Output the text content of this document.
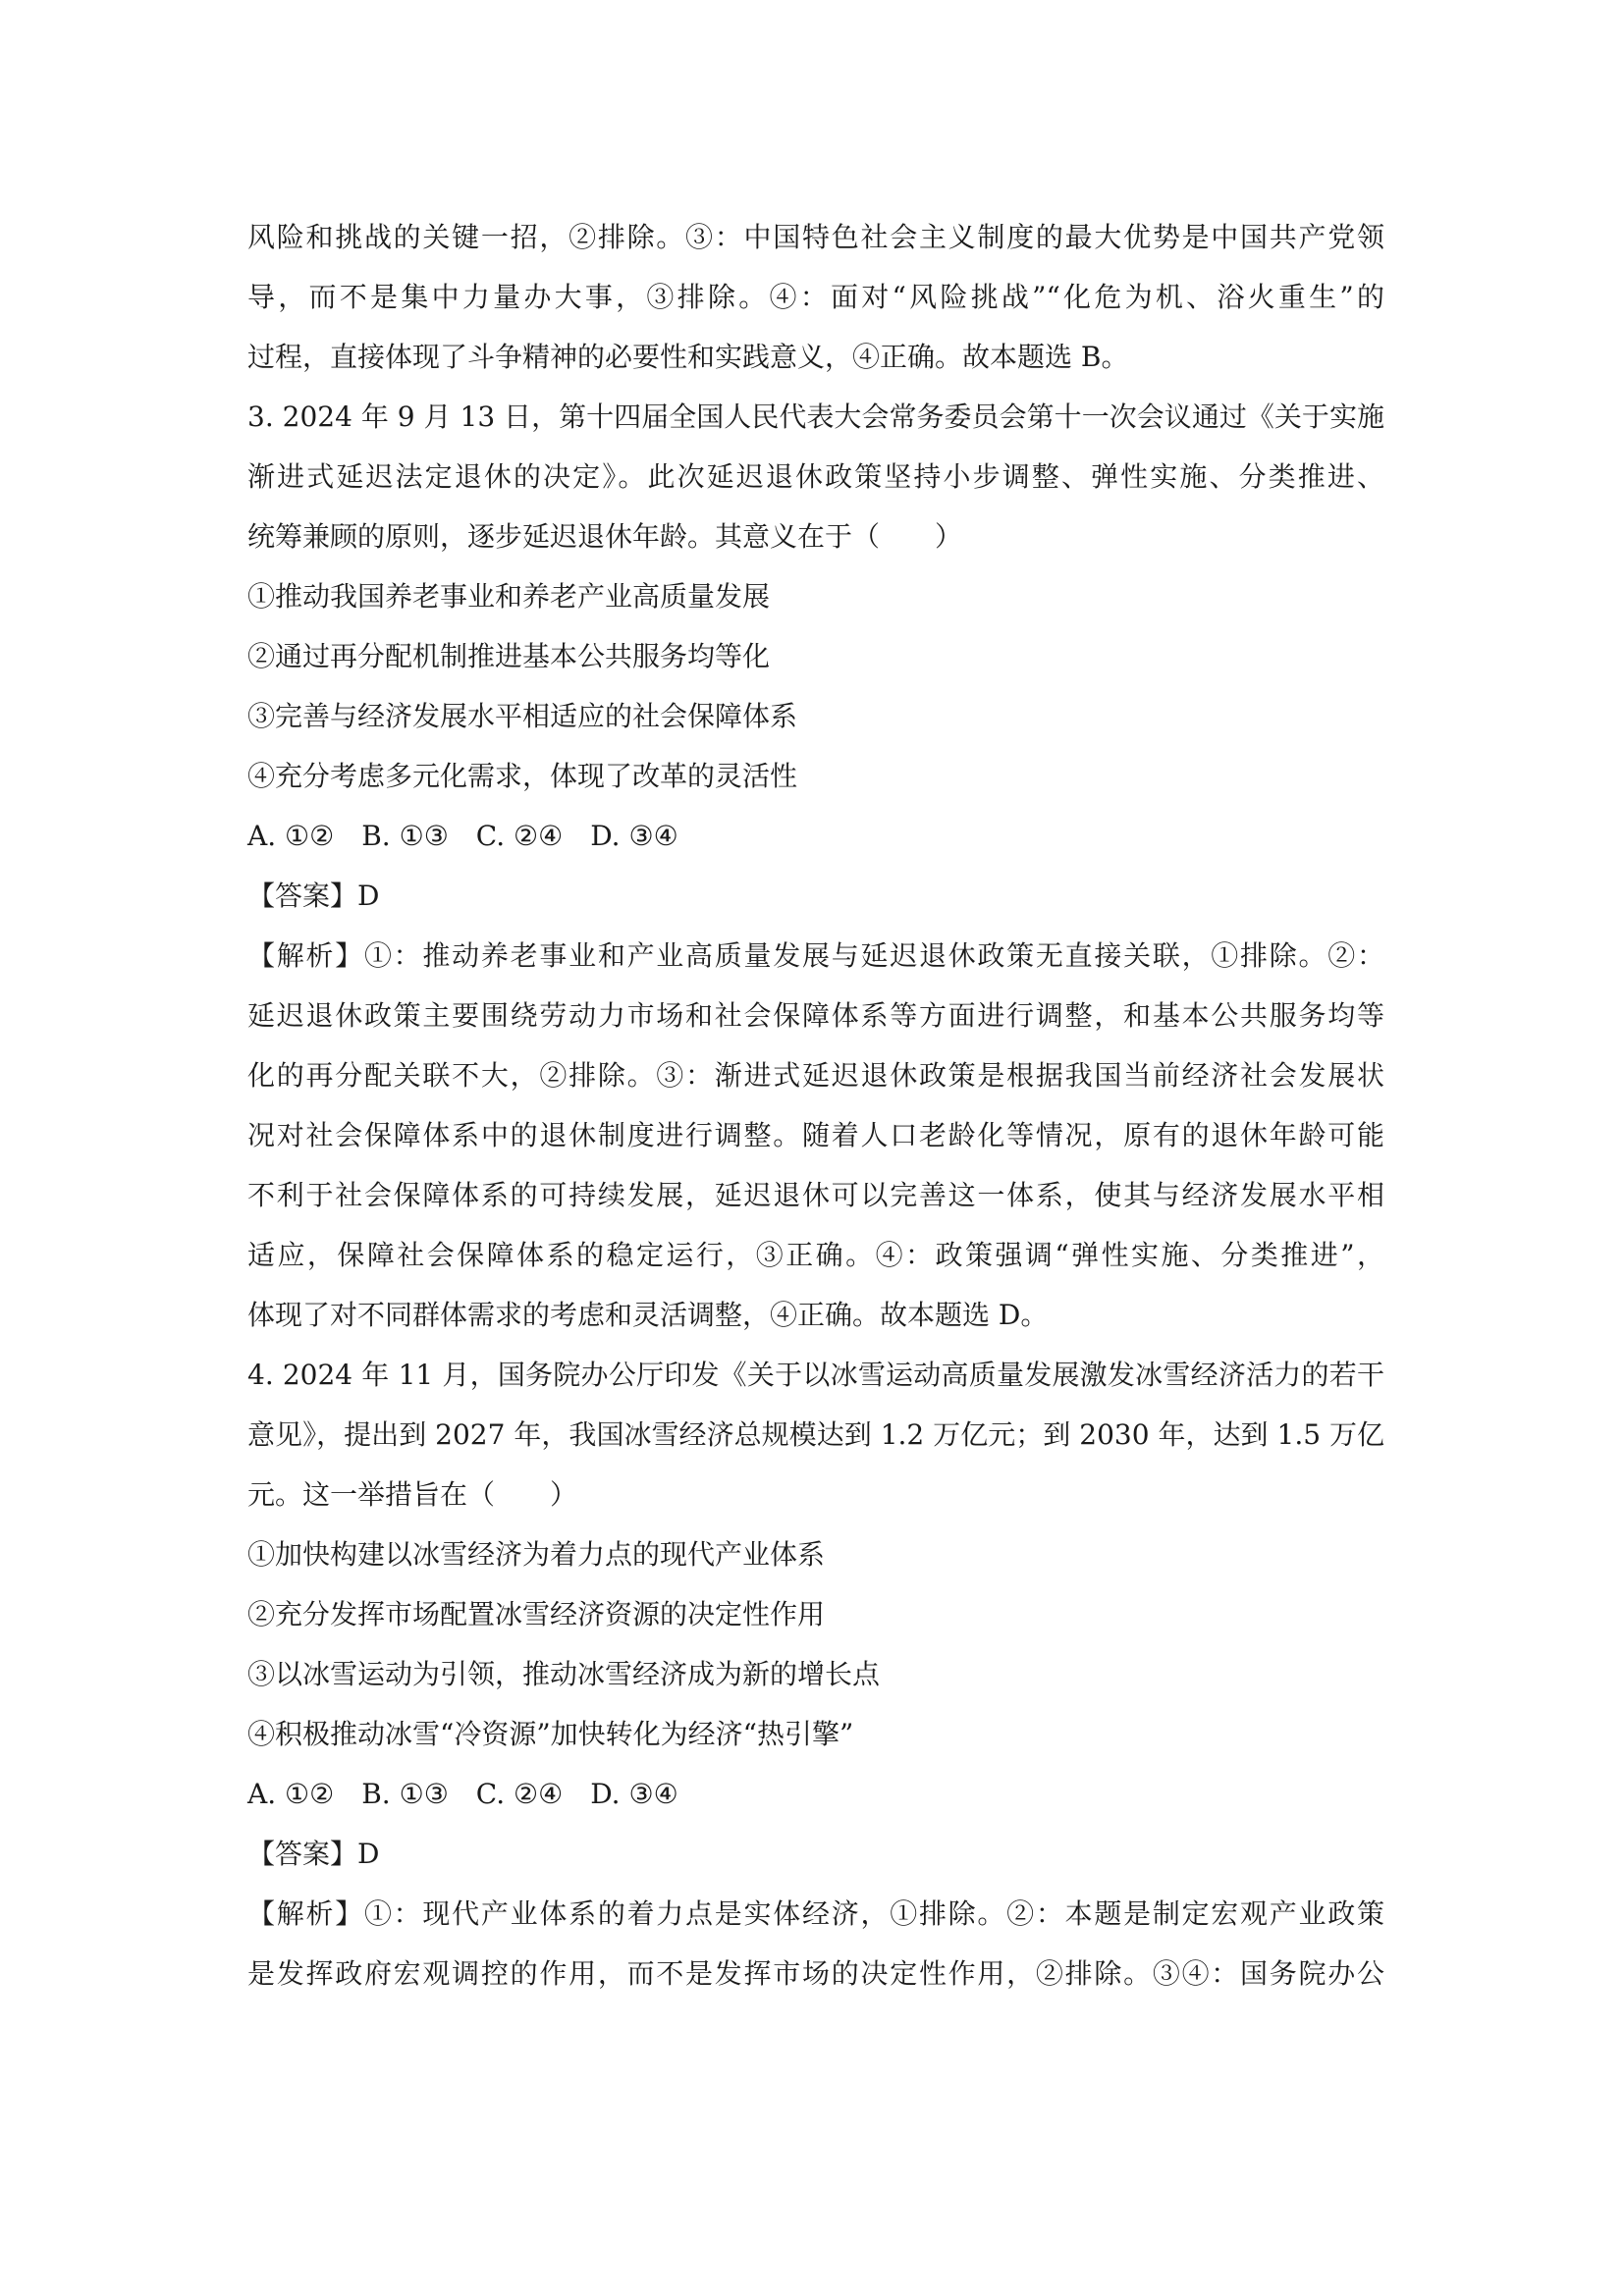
风险和挑战的关键一招，②排除。③：中国特色社会主义制度的最大优势是中国共产党领
导，而不是集中力量办大事，③排除。④：面对“风险挑战”“化危为机、浴火重生”的
过程，直接体现了斗争精神的必要性和实践意义，④正确。故本题选 B。
3. 2024 年 9 月 13 日，第十四届全国人民代表大会常务委员会第十一次会议通过《关于实施
渐进式延迟法定退休的决定》。此次延迟退休政策坚持小步调整、弹性实施、分类推进、
统筹兼顾的原则，逐步延迟退休年龄。其意义在于（　　）
①推动我国养老事业和养老产业高质量发展
②通过再分配机制推进基本公共服务均等化
③完善与经济发展水平相适应的社会保障体系
④充分考虑多元化需求，体现了改革的灵活性
A. ①②　B. ①③　C. ②④　D. ③④
【答案】D
【解析】①：推动养老事业和产业高质量发展与延迟退休政策无直接关联，①排除。②：
延迟退休政策主要围绕劳动力市场和社会保障体系等方面进行调整，和基本公共服务均等
化的再分配关联不大，②排除。③：渐进式延迟退休政策是根据我国当前经济社会发展状
况对社会保障体系中的退休制度进行调整。随着人口老龄化等情况，原有的退休年龄可能
不利于社会保障体系的可持续发展，延迟退休可以完善这一体系，使其与经济发展水平相
适应，保障社会保障体系的稳定运行，③正确。④：政策强调“弹性实施、分类推进”，
体现了对不同群体需求的考虑和灵活调整，④正确。故本题选 D。
4. 2024 年 11 月，国务院办公厅印发《关于以冰雪运动高质量发展激发冰雪经济活力的若干
意见》，提出到 2027 年，我国冰雪经济总规模达到 1.2 万亿元；到 2030 年，达到 1.5 万亿
元。这一举措旨在（　　）
①加快构建以冰雪经济为着力点的现代产业体系
②充分发挥市场配置冰雪经济资源的决定性作用
③以冰雪运动为引领，推动冰雪经济成为新的增长点
④积极推动冰雪“冷资源”加快转化为经济“热引擎”
A. ①②　B. ①③　C. ②④　D. ③④
【答案】D
【解析】①：现代产业体系的着力点是实体经济，①排除。②：本题是制定宏观产业政策
是发挥政府宏观调控的作用，而不是发挥市场的决定性作用，②排除。③④：国务院办公
